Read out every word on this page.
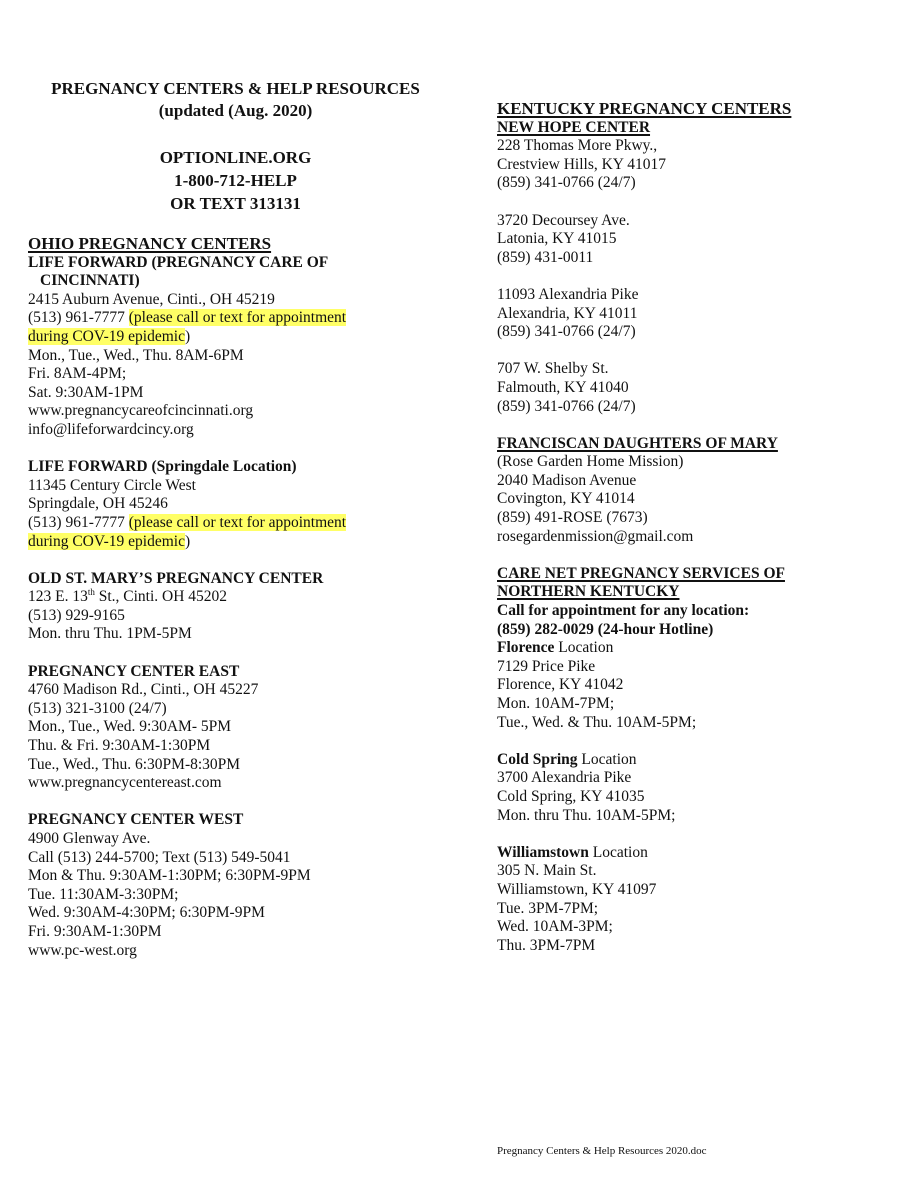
PREGNANCY CENTERS & HELP RESOURCES
(updated (Aug. 2020)
OPTIONLINE.ORG
1-800-712-HELP
OR TEXT 313131
OHIO PREGNANCY CENTERS
LIFE FORWARD (PREGNANCY CARE OF
CINCINNATI)
2415 Auburn Avenue, Cinti., OH 45219
(513) 961-7777 (please call or text for appointment
during COV-19 epidemic)
Mon., Tue., Wed., Thu. 8AM-6PM
Fri. 8AM-4PM;
Sat. 9:30AM-1PM
www.pregnancycareofcincinnati.org
info@lifeforwardcincy.org
LIFE FORWARD (Springdale Location)
11345 Century Circle West
Springdale, OH 45246
(513) 961-7777 (please call or text for appointment
during COV-19 epidemic)
OLD ST. MARY’S PREGNANCY CENTER
123 E. 13th St., Cinti. OH 45202
(513) 929-9165
Mon. thru Thu. 1PM-5PM
PREGNANCY CENTER EAST
4760 Madison Rd., Cinti., OH 45227
(513) 321-3100 (24/7)
Mon., Tue., Wed. 9:30AM- 5PM
Thu. & Fri. 9:30AM-1:30PM
Tue., Wed., Thu. 6:30PM-8:30PM
www.pregnancycentereast.com
PREGNANCY CENTER WEST
4900 Glenway Ave.
Call (513) 244-5700; Text (513) 549-5041
Mon & Thu. 9:30AM-1:30PM; 6:30PM-9PM
Tue. 11:30AM-3:30PM;
Wed. 9:30AM-4:30PM; 6:30PM-9PM
Fri. 9:30AM-1:30PM
www.pc-west.org
KENTUCKY PREGNANCY CENTERS
NEW HOPE CENTER
228 Thomas More Pkwy.,
Crestview Hills, KY 41017
(859) 341-0766 (24/7)
3720 Decoursey Ave.
Latonia, KY 41015
(859) 431-0011
11093 Alexandria Pike
Alexandria, KY 41011
(859) 341-0766 (24/7)
707 W. Shelby St.
Falmouth, KY 41040
(859) 341-0766 (24/7)
FRANCISCAN DAUGHTERS OF MARY
(Rose Garden Home Mission)
2040 Madison Avenue
Covington, KY 41014
(859) 491-ROSE (7673)
rosegardenmission@gmail.com
CARE NET PREGNANCY SERVICES OF
NORTHERN KENTUCKY
Call for appointment for any location:
(859) 282-0029 (24-hour Hotline)
Florence Location
7129 Price Pike
Florence, KY 41042
Mon. 10AM-7PM;
Tue., Wed. & Thu. 10AM-5PM;
Cold Spring Location
3700 Alexandria Pike
Cold Spring, KY 41035
Mon. thru Thu. 10AM-5PM;
Williamstown Location
305 N. Main St.
Williamstown, KY 41097
Tue. 3PM-7PM;
Wed. 10AM-3PM;
Thu. 3PM-7PM
Pregnancy Centers & Help Resources 2020.doc
